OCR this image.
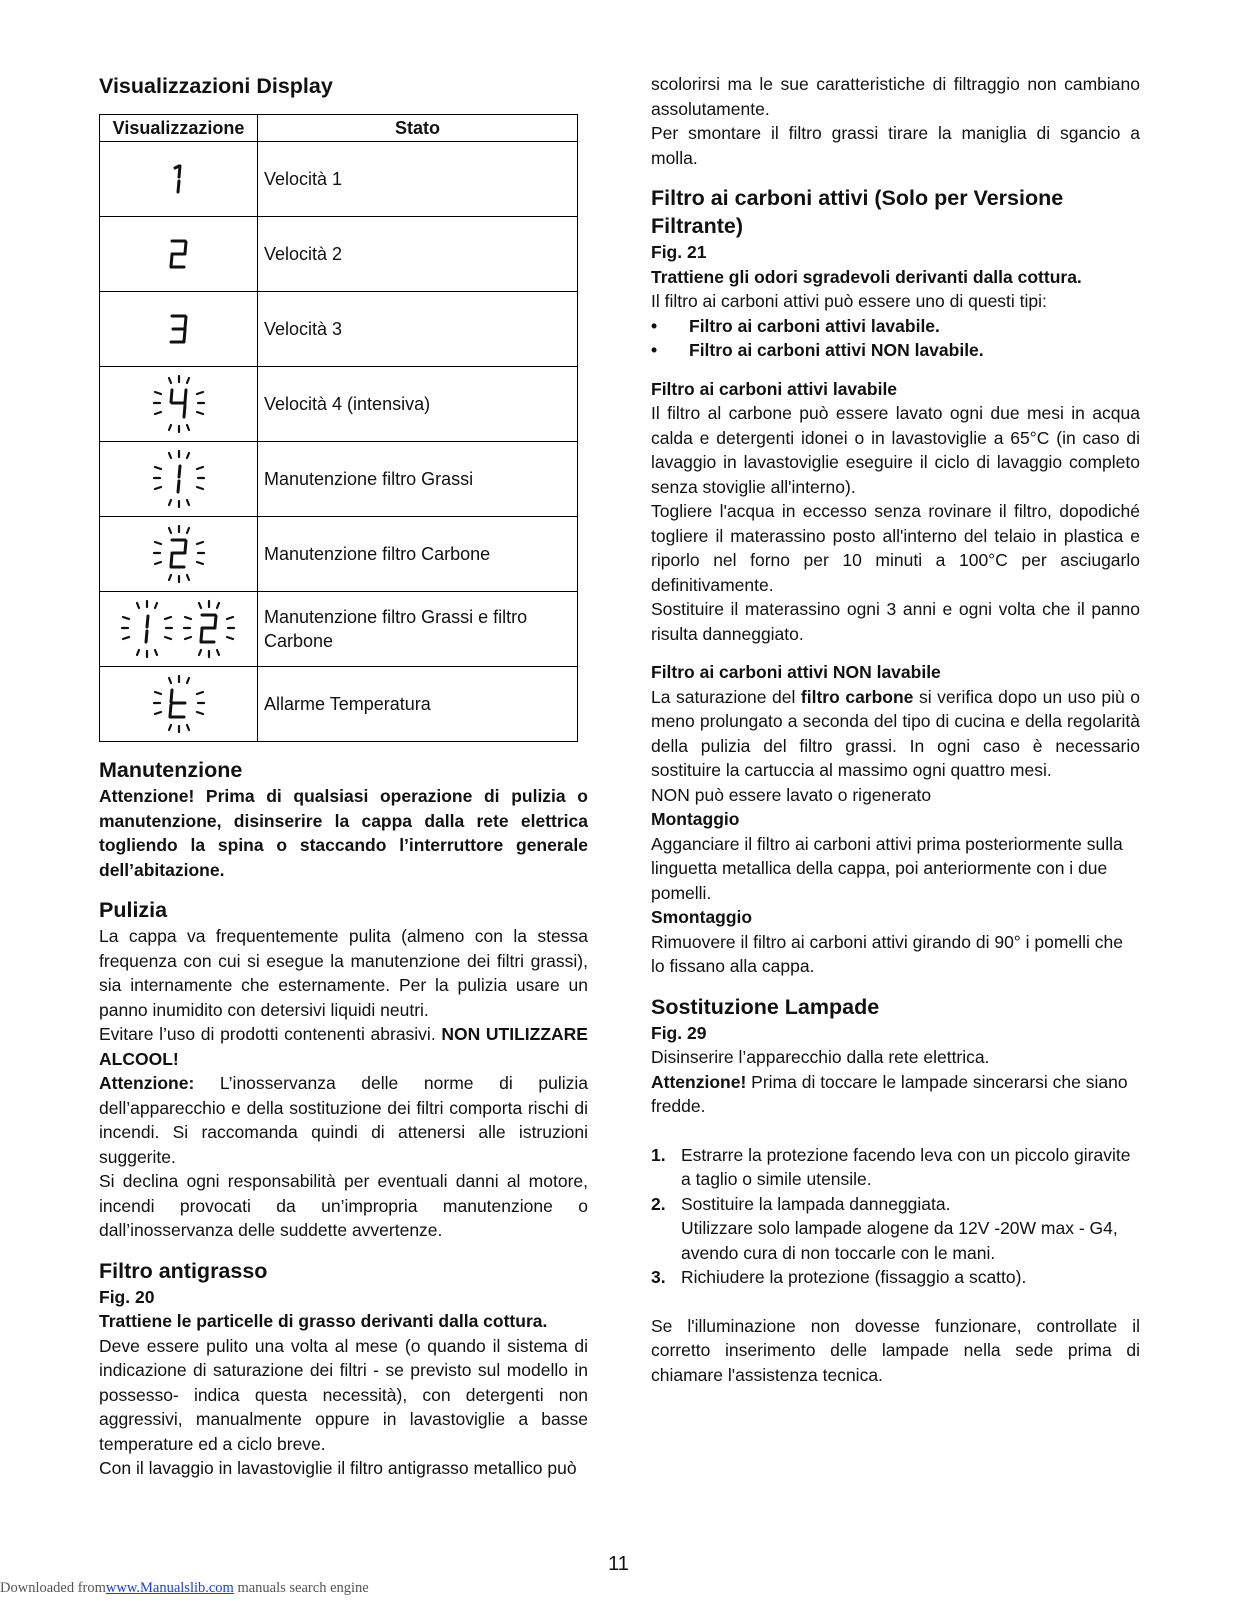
Visualizzazioni Display

Visualizzazione	Stato
	Velocità 1
	Velocità 2
	Velocità 3
	Velocità 4 (intensiva)
	Manutenzione filtro Grassi
	Manutenzione filtro Carbone
	Manutenzione filtro Grassi e filtro Carbone
	Allarme Temperatura

Manutenzione

Attenzione! Prima di qualsiasi operazione di pulizia o manutenzione, disinserire la cappa dalla rete elettrica togliendo la spina o staccando l’interruttore generale dell’abitazione.

Pulizia

La cappa va frequentemente pulita (almeno con la stessa frequenza con cui si esegue la manutenzione dei filtri grassi), sia internamente che esternamente. Per la pulizia usare un panno inumidito con detersivi liquidi neutri.

Evitare l’uso di prodotti contenenti abrasivi. NON UTILIZZARE ALCOOL!

Attenzione: L’inosservanza delle norme di pulizia dell’apparecchio e della sostituzione dei filtri comporta rischi di incendi. Si raccomanda quindi di attenersi alle istruzioni suggerite.

Si declina ogni responsabilità per eventuali danni al motore, incendi provocati da un’impropria manutenzione o dall’inosservanza delle suddette avvertenze.

Filtro antigrasso

Fig. 20

Trattiene le particelle di grasso derivanti dalla cottura.

Deve essere pulito una volta al mese (o quando il sistema di indicazione di saturazione dei filtri - se previsto sul modello in possesso- indica questa necessità), con detergenti non aggressivi, manualmente oppure in lavastoviglie a basse temperature ed a ciclo breve.

Con il lavaggio in lavastoviglie il filtro antigrasso metallico può

scolorirsi ma le sue caratteristiche di filtraggio non cambiano assolutamente.

Per smontare il filtro grassi tirare la maniglia di sgancio a molla.

Filtro ai carboni attivi (Solo per Versione Filtrante)

Fig. 21

Trattiene gli odori sgradevoli derivanti dalla cottura.

Il filtro ai carboni attivi può essere uno di questi tipi:

•	Filtro ai carboni attivi lavabile.
•	Filtro ai carboni attivi NON lavabile.

Filtro ai carboni attivi lavabile

Il filtro al carbone può essere lavato ogni due mesi in acqua calda e detergenti idonei o in lavastoviglie a 65°C (in caso di lavaggio in lavastoviglie eseguire il ciclo di lavaggio completo senza stoviglie all'interno).

Togliere l'acqua in eccesso senza rovinare il filtro, dopodiché togliere il materassino posto all'interno del telaio in plastica e riporlo nel forno per 10 minuti a 100°C per asciugarlo definitivamente.

Sostituire il materassino ogni 3 anni e ogni volta che il panno risulta danneggiato.

Filtro ai carboni attivi NON lavabile

La saturazione del filtro carbone si verifica dopo un uso più o meno prolungato a seconda del tipo di cucina e della regolarità della pulizia del filtro grassi. In ogni caso è necessario sostituire la cartuccia al massimo ogni quattro mesi.

NON può essere lavato o rigenerato

Montaggio

Agganciare il filtro ai carboni attivi prima posteriormente sulla linguetta metallica della cappa, poi anteriormente con i due pomelli.

Smontaggio

Rimuovere il filtro ai carboni attivi girando di 90° i pomelli che lo fissano alla cappa.

Sostituzione Lampade

Fig. 29

Disinserire l’apparecchio dalla rete elettrica.

Attenzione! Prima di toccare le lampade sincerarsi che siano fredde.

1. Estrarre la protezione facendo leva con un piccolo giravite a taglio o simile utensile.
2. Sostituire la lampada danneggiata.
Utilizzare solo lampade alogene da 12V -20W max - G4, avendo cura di non toccarle con le mani.
3. Richiudere la protezione (fissaggio a scatto).

Se l'illuminazione non dovesse funzionare, controllate il corretto inserimento delle lampade nella sede prima di chiamare l'assistenza tecnica.

11
Downloaded fromwww.Manualslib.com manuals search engine
